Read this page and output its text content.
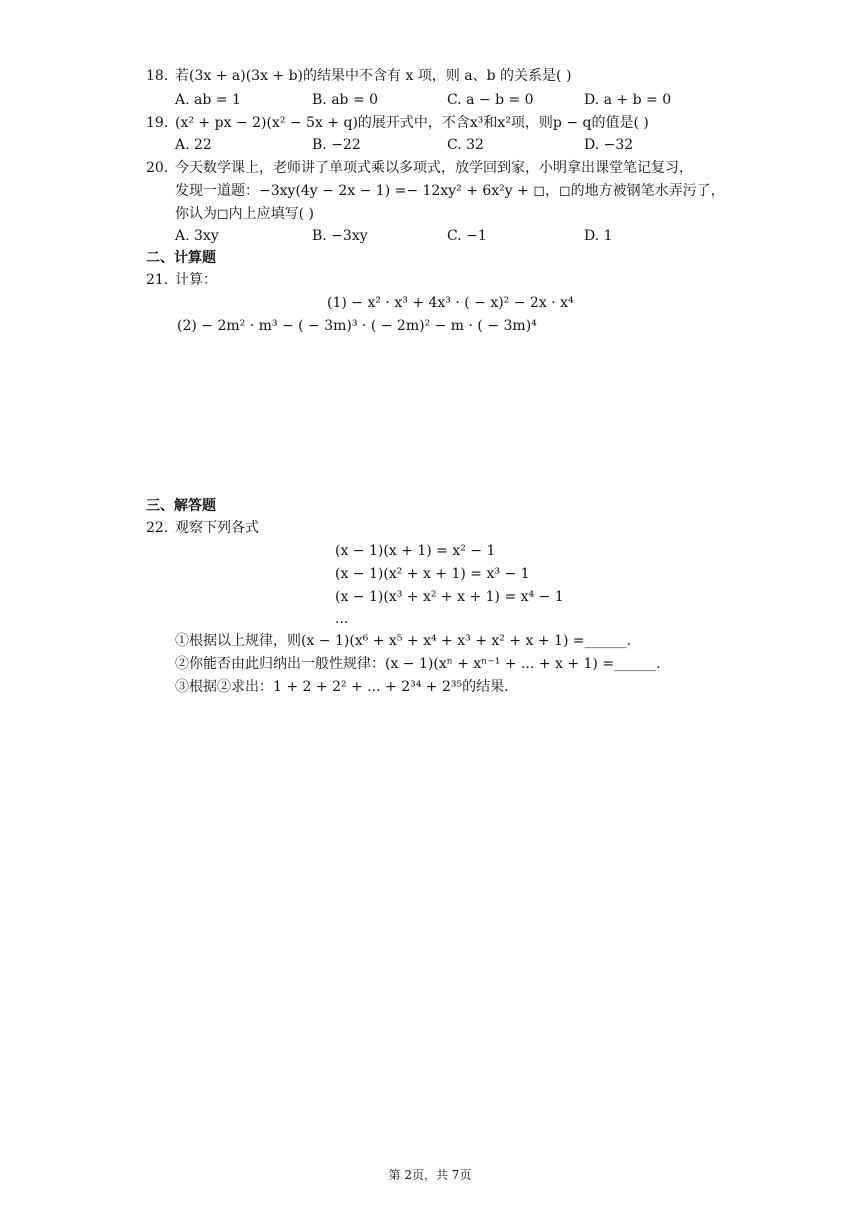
18. 若(3x + a)(3x + b)的结果中不含有 x 项，则 a、b 的关系是( )
A. ab = 1	B. ab = 0	C. a − b = 0	D. a + b = 0
19. (x² + px − 2)(x² − 5x + q)的展开式中，不含x³和x²项，则p − q的值是( )
A. 22	B. −22	C. 32	D. −32
20. 今天数学课上，老师讲了单项式乘以多项式，放学回到家，小明拿出课堂笔记复习，
发现一道题：−3xy(4y − 2x − 1) =− 12xy² + 6x²y + ◻，◻的地方被钢笔水弄污了，
你认为◻内上应填写( )
A. 3xy	B. −3xy	C. −1	D. 1
二、计算题
21. 计算：
(1) − x² · x³ + 4x³ · ( − x)² − 2x · x⁴
(2) − 2m² · m³ − ( − 3m)³ · ( − 2m)² − m · ( − 3m)⁴
三、解答题
22. 观察下列各式
(x − 1)(x + 1) = x² − 1
(x − 1)(x² + x + 1) = x³ − 1
(x − 1)(x³ + x² + x + 1) = x⁴ − 1
...
①根据以上规律，则(x − 1)(x⁶ + x⁵ + x⁴ + x³ + x² + x + 1) =______.
②你能否由此归纳出一般性规律：(x − 1)(xⁿ + xⁿ⁻¹ + ... + x + 1) =______.
③根据②求出：1 + 2 + 2² + ... + 2³⁴ + 2³⁵的结果.
第 2页，共 7页
